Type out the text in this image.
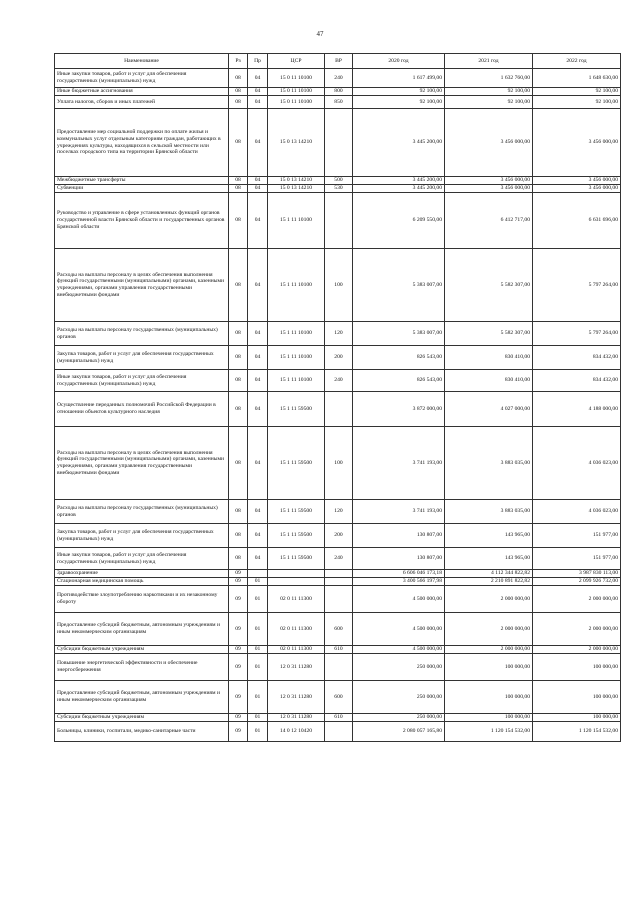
47
Наименование	Рз	Пр	ЦСР	ВР	2020 год	2021 год	2022 год
Иные закупки товаров, работ и услуг для обеспечения государственных (муниципальных) нужд	08	04	15 0 11 10100	240	1 617 499,00	1 632 760,00	1 648 630,00
Иные бюджетные ассигнования	08	04	15 0 11 10100	800	92 100,00	92 100,00	92 100,00
Уплата налогов, сборов и иных платежей	08	04	15 0 11 10100	850	92 100,00	92 100,00	92 100,00
Предоставление мер социальной поддержки по оплате жилья и коммунальных услуг отдельным категориям граждан, работающих в учреждениях культуры, находящихся в сельской местности или поселках городского типа на территории Брянской области	08	04	15 0 13 14210		3 445 200,00	3 456 000,00	3 456 000,00
Межбюджетные трансферты	08	04	15 0 13 14210	500	3 445 200,00	3 456 000,00	3 456 000,00
Субвенции	08	04	15 0 13 14210	530	3 445 200,00	3 456 000,00	3 456 000,00
Руководство и управление в сфере установленных функций органов государственной власти Брянской области и государственных органов Брянской области	08	04	15 1 11 10100		6 209 550,00	6 412 717,00	6 631 696,00
Расходы на выплаты персоналу в целях обеспечения выполнения функций государственными (муниципальными) органами, казенными учреждениями, органами управления государственными внебюджетными фондами	08	04	15 1 11 10100	100	5 383 007,00	5 582 307,00	5 797 264,00
Расходы на выплаты персоналу государственных (муниципальных) органов	08	04	15 1 11 10100	120	5 383 007,00	5 582 307,00	5 797 264,00
Закупка товаров, работ и услуг для обеспечения государственных (муниципальных) нужд	08	04	15 1 11 10100	200	826 543,00	830 410,00	834 432,00
Иные закупки товаров, работ и услуг для обеспечения государственных (муниципальных) нужд	08	04	15 1 11 10100	240	826 543,00	830 410,00	834 432,00
Осуществление переданных полномочий Российской Федерации в отношении объектов культурного наследия	08	04	15 1 11 59500		3 872 000,00	4 027 000,00	4 188 000,00
Расходы на выплаты персоналу в целях обеспечения выполнения функций государственными (муниципальными) органами, казенными учреждениями, органами управления государственными внебюджетными фондами	08	04	15 1 11 59500	100	3 741 193,00	3 883 035,00	4 036 023,00
Расходы на выплаты персоналу государственных (муниципальных) органов	08	04	15 1 11 59500	120	3 741 193,00	3 883 035,00	4 036 023,00
Закупка товаров, работ и услуг для обеспечения государственных (муниципальных) нужд	08	04	15 1 11 59500	200	130 807,00	143 965,00	151 977,00
Иные закупки товаров, работ и услуг для обеспечения государственных (муниципальных) нужд	08	04	15 1 11 59500	240	130 807,00	143 965,00	151 977,00
Здравоохранение	09				6 606 046 173,18	4 112 344 822,82	3 987 830 113,00
Стационарная медицинская помощь	09	01			3 400 566 197,98	2 210 891 822,82	2 099 926 732,00
Противодействие злоупотреблению наркотиками и их незаконному обороту	09	01	02 0 11 11300		4 500 000,00	2 000 000,00	2 000 000,00
Предоставление субсидий бюджетным, автономным учреждениям и иным некоммерческим организациям	09	01	02 0 11 11300	600	4 500 000,00	2 000 000,00	2 000 000,00
Субсидии бюджетным учреждениям	09	01	02 0 11 11300	610	4 500 000,00	2 000 000,00	2 000 000,00
Повышение энергетической эффективности и обеспечение энергосбережения	09	01	12 0 31 11280		250 000,00	100 000,00	100 000,00
Предоставление субсидий бюджетным, автономным учреждениям и иным некоммерческим организациям	09	01	12 0 31 11280	600	250 000,00	100 000,00	100 000,00
Субсидии бюджетным учреждениям	09	01	12 0 31 11280	610	250 000,00	100 000,00	100 000,00
Больницы, клиники, госпитали, медико-санитарные части	09	01	14 0 12 10420		2 080 057 165,80	1 120 154 532,00	1 120 154 532,00
